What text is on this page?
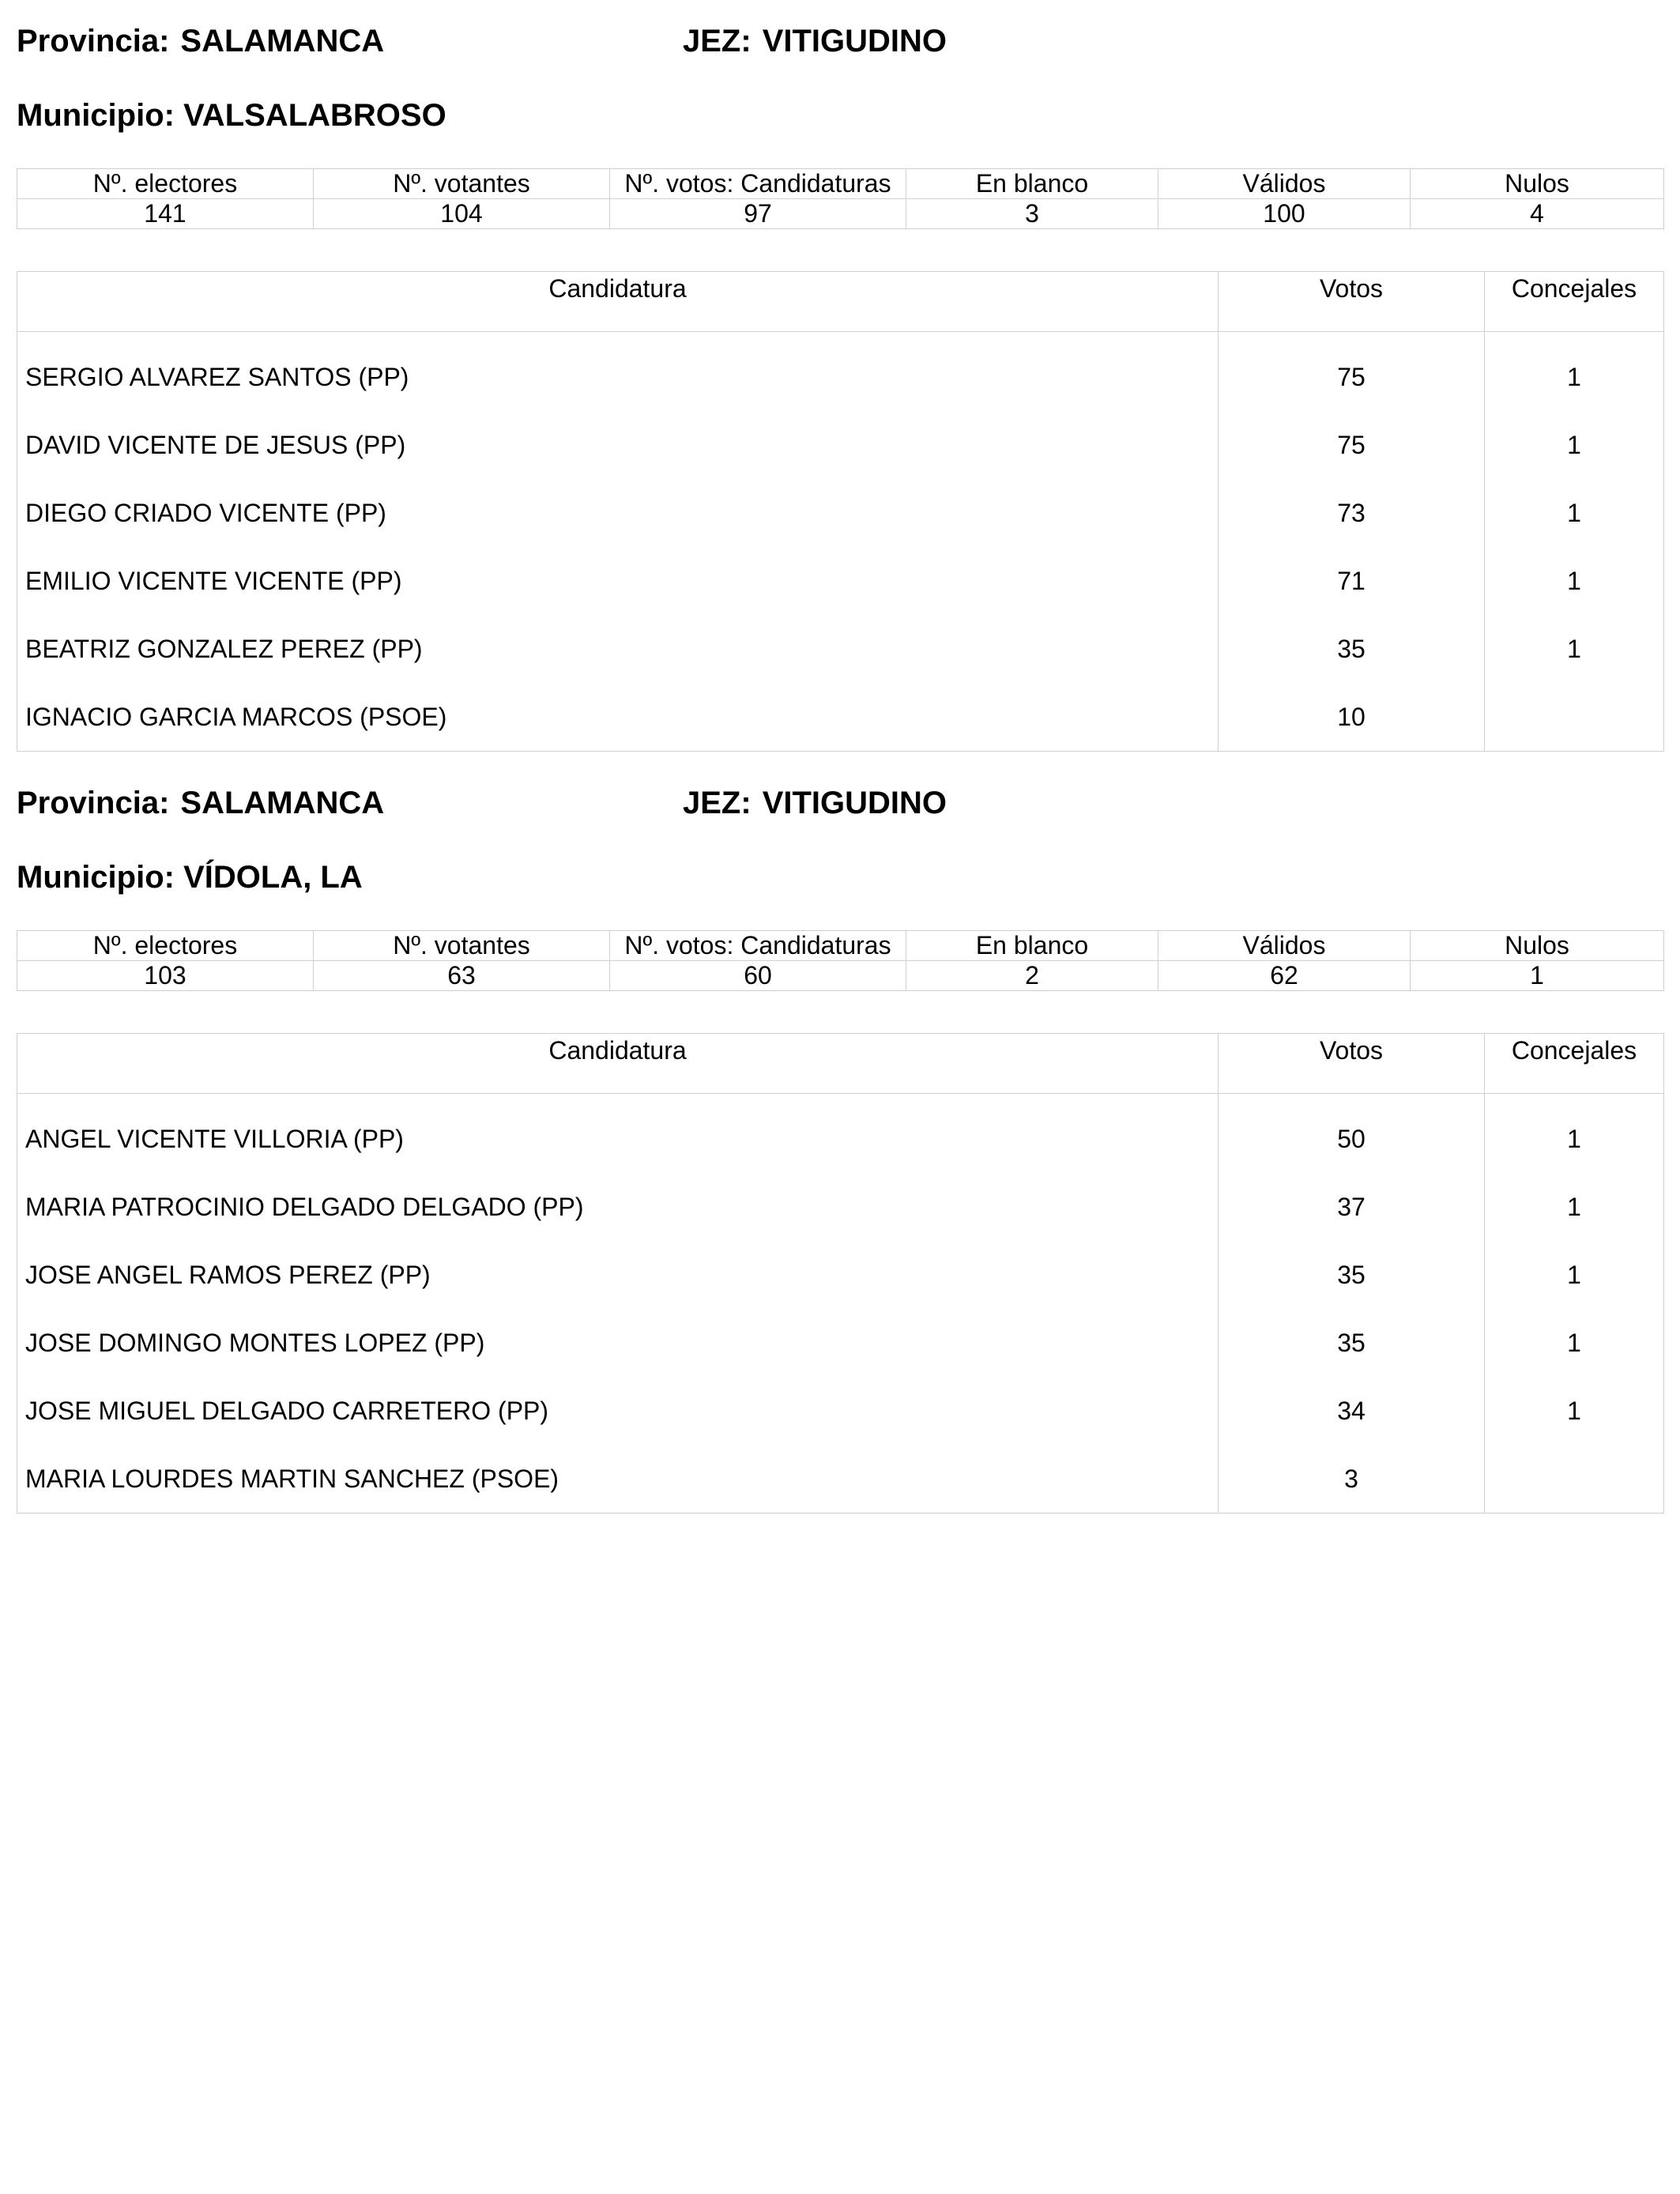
Provincia: SALAMANCA	JEZ: VITIGUDINO
Municipio: VALSALABROSO
Nº. electores	Nº. votantes	Nº. votos: Candidaturas	En blanco	Válidos	Nulos
141	104	97	3	100	4
Candidatura	Votos	Concejales
SERGIO ALVAREZ SANTOS (PP)	75	1
DAVID VICENTE DE JESUS (PP)	75	1
DIEGO CRIADO VICENTE (PP)	73	1
EMILIO VICENTE VICENTE (PP)	71	1
BEATRIZ GONZALEZ PEREZ (PP)	35	1
IGNACIO GARCIA MARCOS (PSOE)	10	
Provincia: SALAMANCA	JEZ: VITIGUDINO
Municipio: VÍDOLA, LA
Nº. electores	Nº. votantes	Nº. votos: Candidaturas	En blanco	Válidos	Nulos
103	63	60	2	62	1
Candidatura	Votos	Concejales
ANGEL VICENTE VILLORIA (PP)	50	1
MARIA PATROCINIO DELGADO DELGADO (PP)	37	1
JOSE ANGEL RAMOS PEREZ (PP)	35	1
JOSE DOMINGO MONTES LOPEZ (PP)	35	1
JOSE MIGUEL DELGADO CARRETERO (PP)	34	1
MARIA LOURDES MARTIN SANCHEZ (PSOE)	3	
